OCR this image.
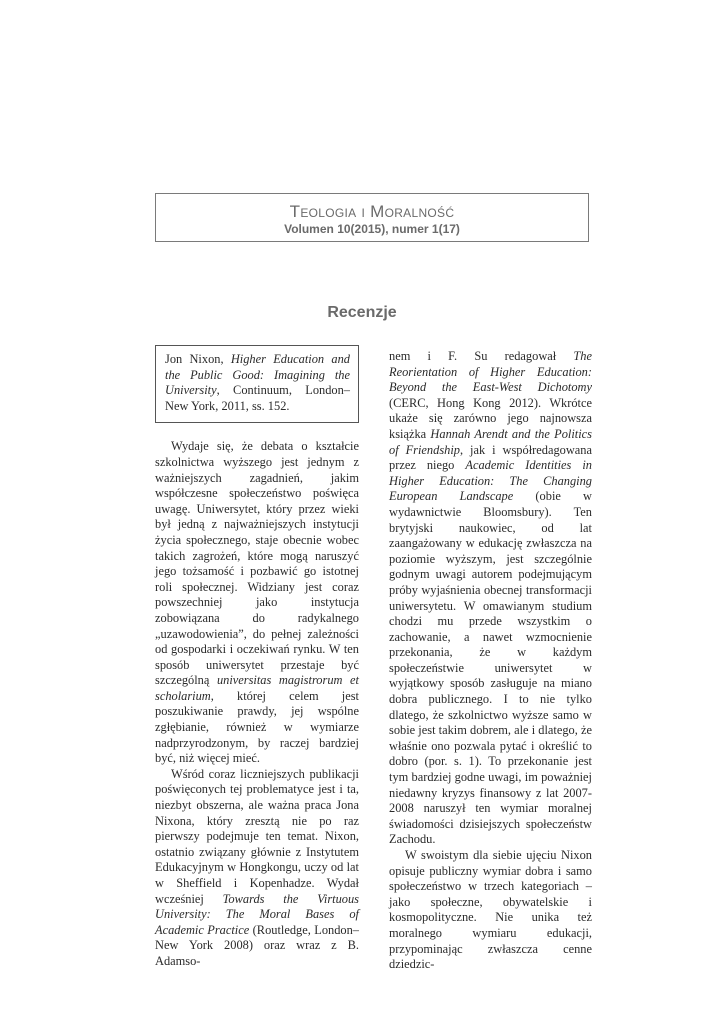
Teologia i Moralność
Volumen 10(2015), numer 1(17)
Recenzje
Jon Nixon, Higher Education and the Public Good: Imagining the University, Continuum, London–New York, 2011, ss. 152.

Wydaje się, że debata o kształcie szkolnictwa wyższego jest jednym z ważniejszych zagadnień, jakim współczesne społeczeństwo poświęca uwagę. Uniwersytet, który przez wieki był jedną z najważniejszych instytucji życia społecznego, staje obecnie wobec takich zagrożeń, które mogą naruszyć jego tożsamość i pozbawić go istotnej roli społecznej. Widziany jest coraz powszechniej jako instytucja zobowiązana do radykalnego „uzawodowienia”, do pełnej zależności od gospodarki i oczekiwań rynku. W ten sposób uniwersytet przestaje być szczególną universitas magistrorum et scholarium, której celem jest poszukiwanie prawdy, jej wspólne zgłębianie, również w wymiarze nadprzyrodzonym, by raczej bardziej być, niż więcej mieć.

Wśród coraz liczniejszych publikacji poświęconych tej problematyce jest i ta, niezbyt obszerna, ale ważna praca Jona Nixona, który zresztą nie po raz pierwszy podejmuje ten temat. Nixon, ostatnio związany głównie z Instytutem Edukacyjnym w Hongkongu, uczy od lat w Sheffield i Kopenhadze. Wydał wcześniej Towards the Virtuous University: The Moral Bases of Academic Practice (Routledge, London–New York 2008) oraz wraz z B. Adamso-

nem i F. Su redagował The Reorientation of Higher Education: Beyond the East-West Dichotomy (CERC, Hong Kong 2012). Wkrótce ukaże się zarówno jego najnowsza książka Hannah Arendt and the Politics of Friendship, jak i współredagowana przez niego Academic Identities in Higher Education: The Changing European Landscape (obie w wydawnictwie Bloomsbury). Ten brytyjski naukowiec, od lat zaangażowany w edukację zwłaszcza na poziomie wyższym, jest szczególnie godnym uwagi autorem podejmującym próby wyjaśnienia obecnej transformacji uniwersytetu. W omawianym studium chodzi mu przede wszystkim o zachowanie, a nawet wzmocnienie przekonania, że w każdym społeczeństwie uniwersytet w wyjątkowy sposób zasługuje na miano dobra publicznego. I to nie tylko dlatego, że szkolnictwo wyższe samo w sobie jest takim dobrem, ale i dlatego, że właśnie ono pozwala pytać i określić to dobro (por. s. 1). To przekonanie jest tym bardziej godne uwagi, im poważniej niedawny kryzys finansowy z lat 2007-2008 naruszył ten wymiar moralnej świadomości dzisiejszych społeczeństw Zachodu.

W swoistym dla siebie ujęciu Nixon opisuje publiczny wymiar dobra i samo społeczeństwo w trzech kategoriach – jako społeczne, obywatelskie i kosmopolityczne. Nie unika też moralnego wymiaru edukacji, przypominając zwłaszcza cenne dziedzic-
